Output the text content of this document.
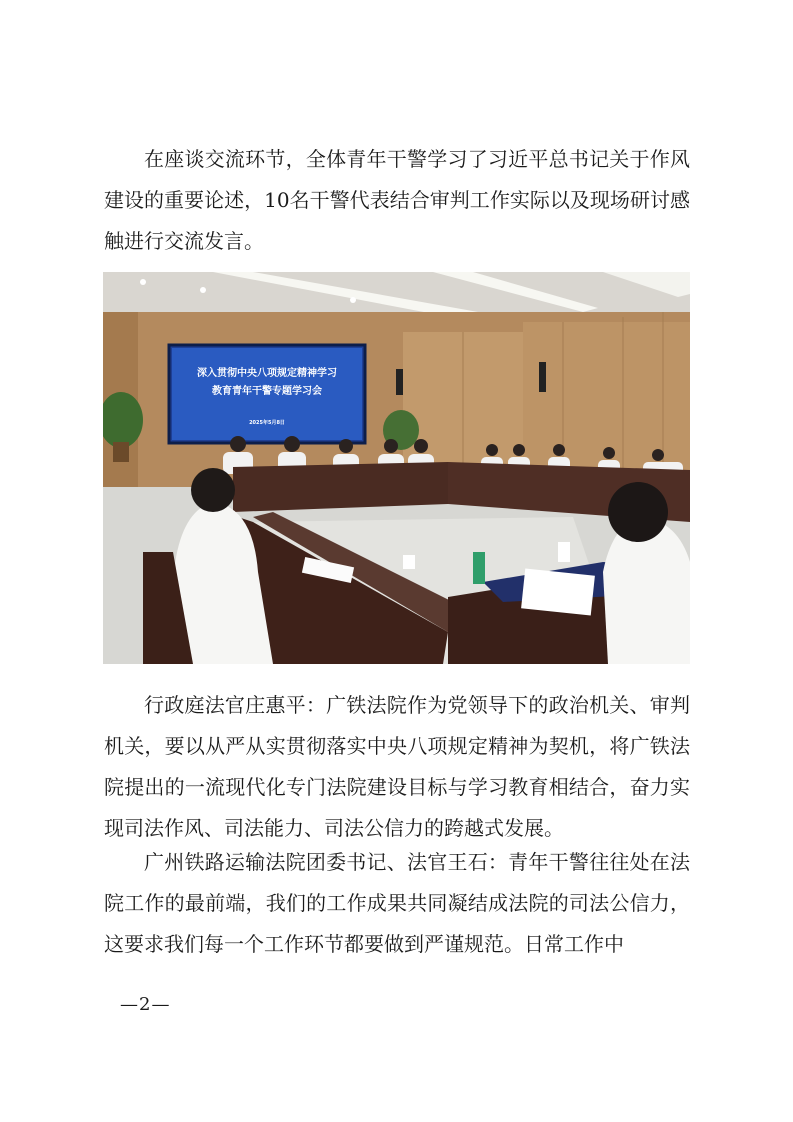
在座谈交流环节，全体青年干警学习了习近平总书记关于作风建设的重要论述，10名干警代表结合审判工作实际以及现场研讨感触进行交流发言。

深入贯彻中央八项规定精神学习
教育青年干警专题学习会
2025年5月8日

行政庭法官庄惠平：广铁法院作为党领导下的政治机关、审判机关，要以从严从实贯彻落实中央八项规定精神为契机，将广铁法院提出的一流现代化专门法院建设目标与学习教育相结合，奋力实现司法作风、司法能力、司法公信力的跨越式发展。

广州铁路运输法院团委书记、法官王石：青年干警往往处在法院工作的最前端，我们的工作成果共同凝结成法院的司法公信力，这要求我们每一个工作环节都要做到严谨规范。日常工作中

—2—
